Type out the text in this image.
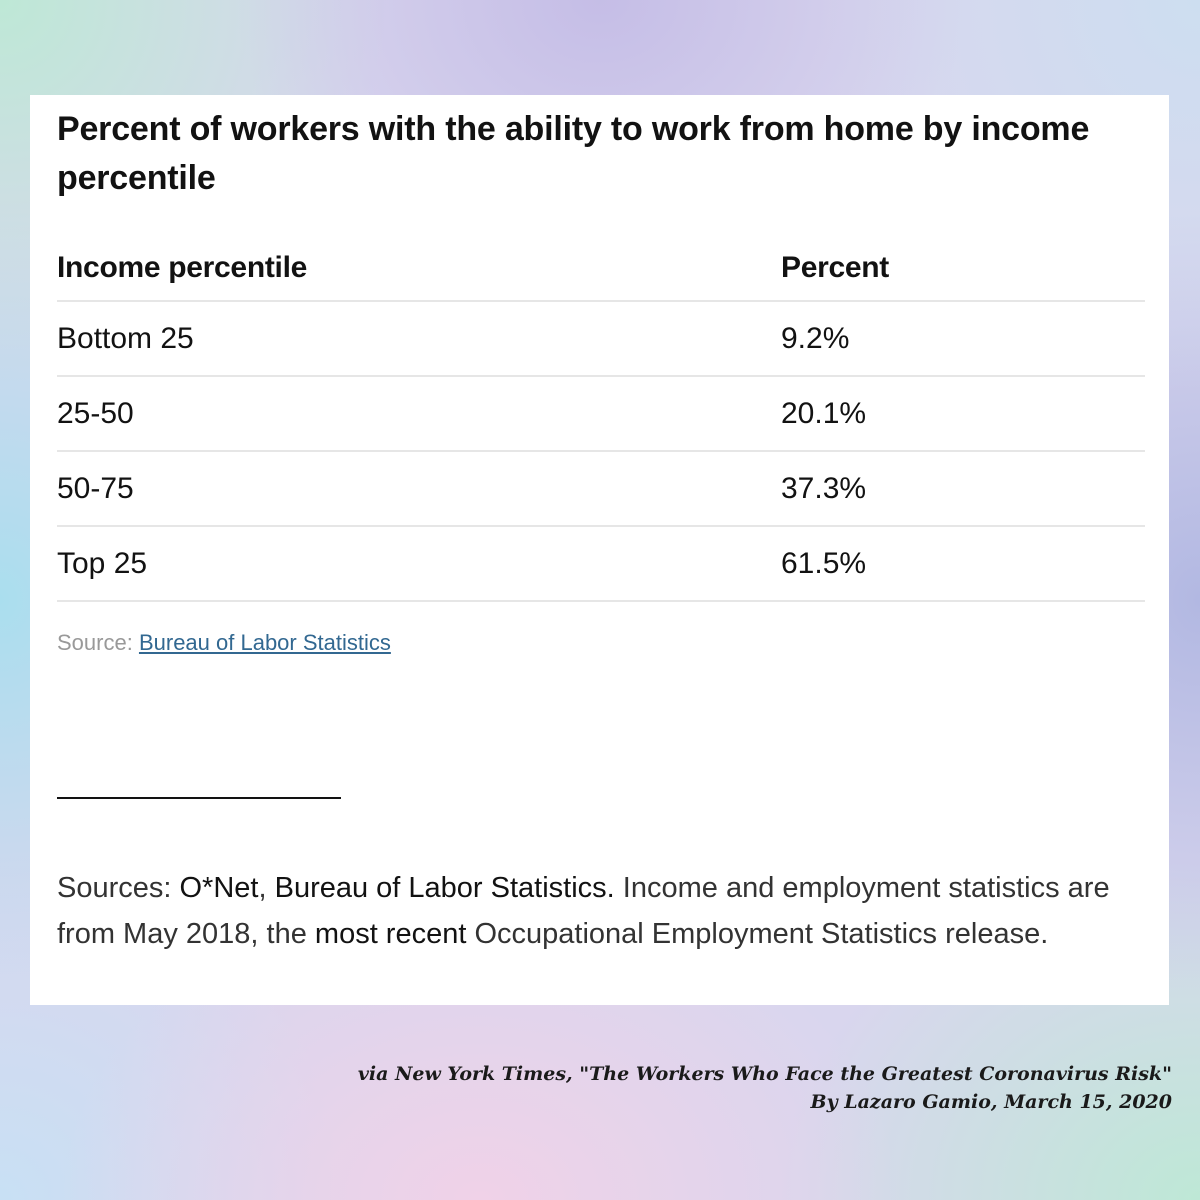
Percent of workers with the ability to work from home by income percentile
Income percentile	Percent
Bottom 25	9.2%
25-50	20.1%
50-75	37.3%
Top 25	61.5%
Source: Bureau of Labor Statistics
Sources: O*Net, Bureau of Labor Statistics. Income and employment statistics are from May 2018, the most recent Occupational Employment Statistics release.
via New York Times, "The Workers Who Face the Greatest Coronavirus Risk"
By Lazaro Gamio, March 15, 2020
